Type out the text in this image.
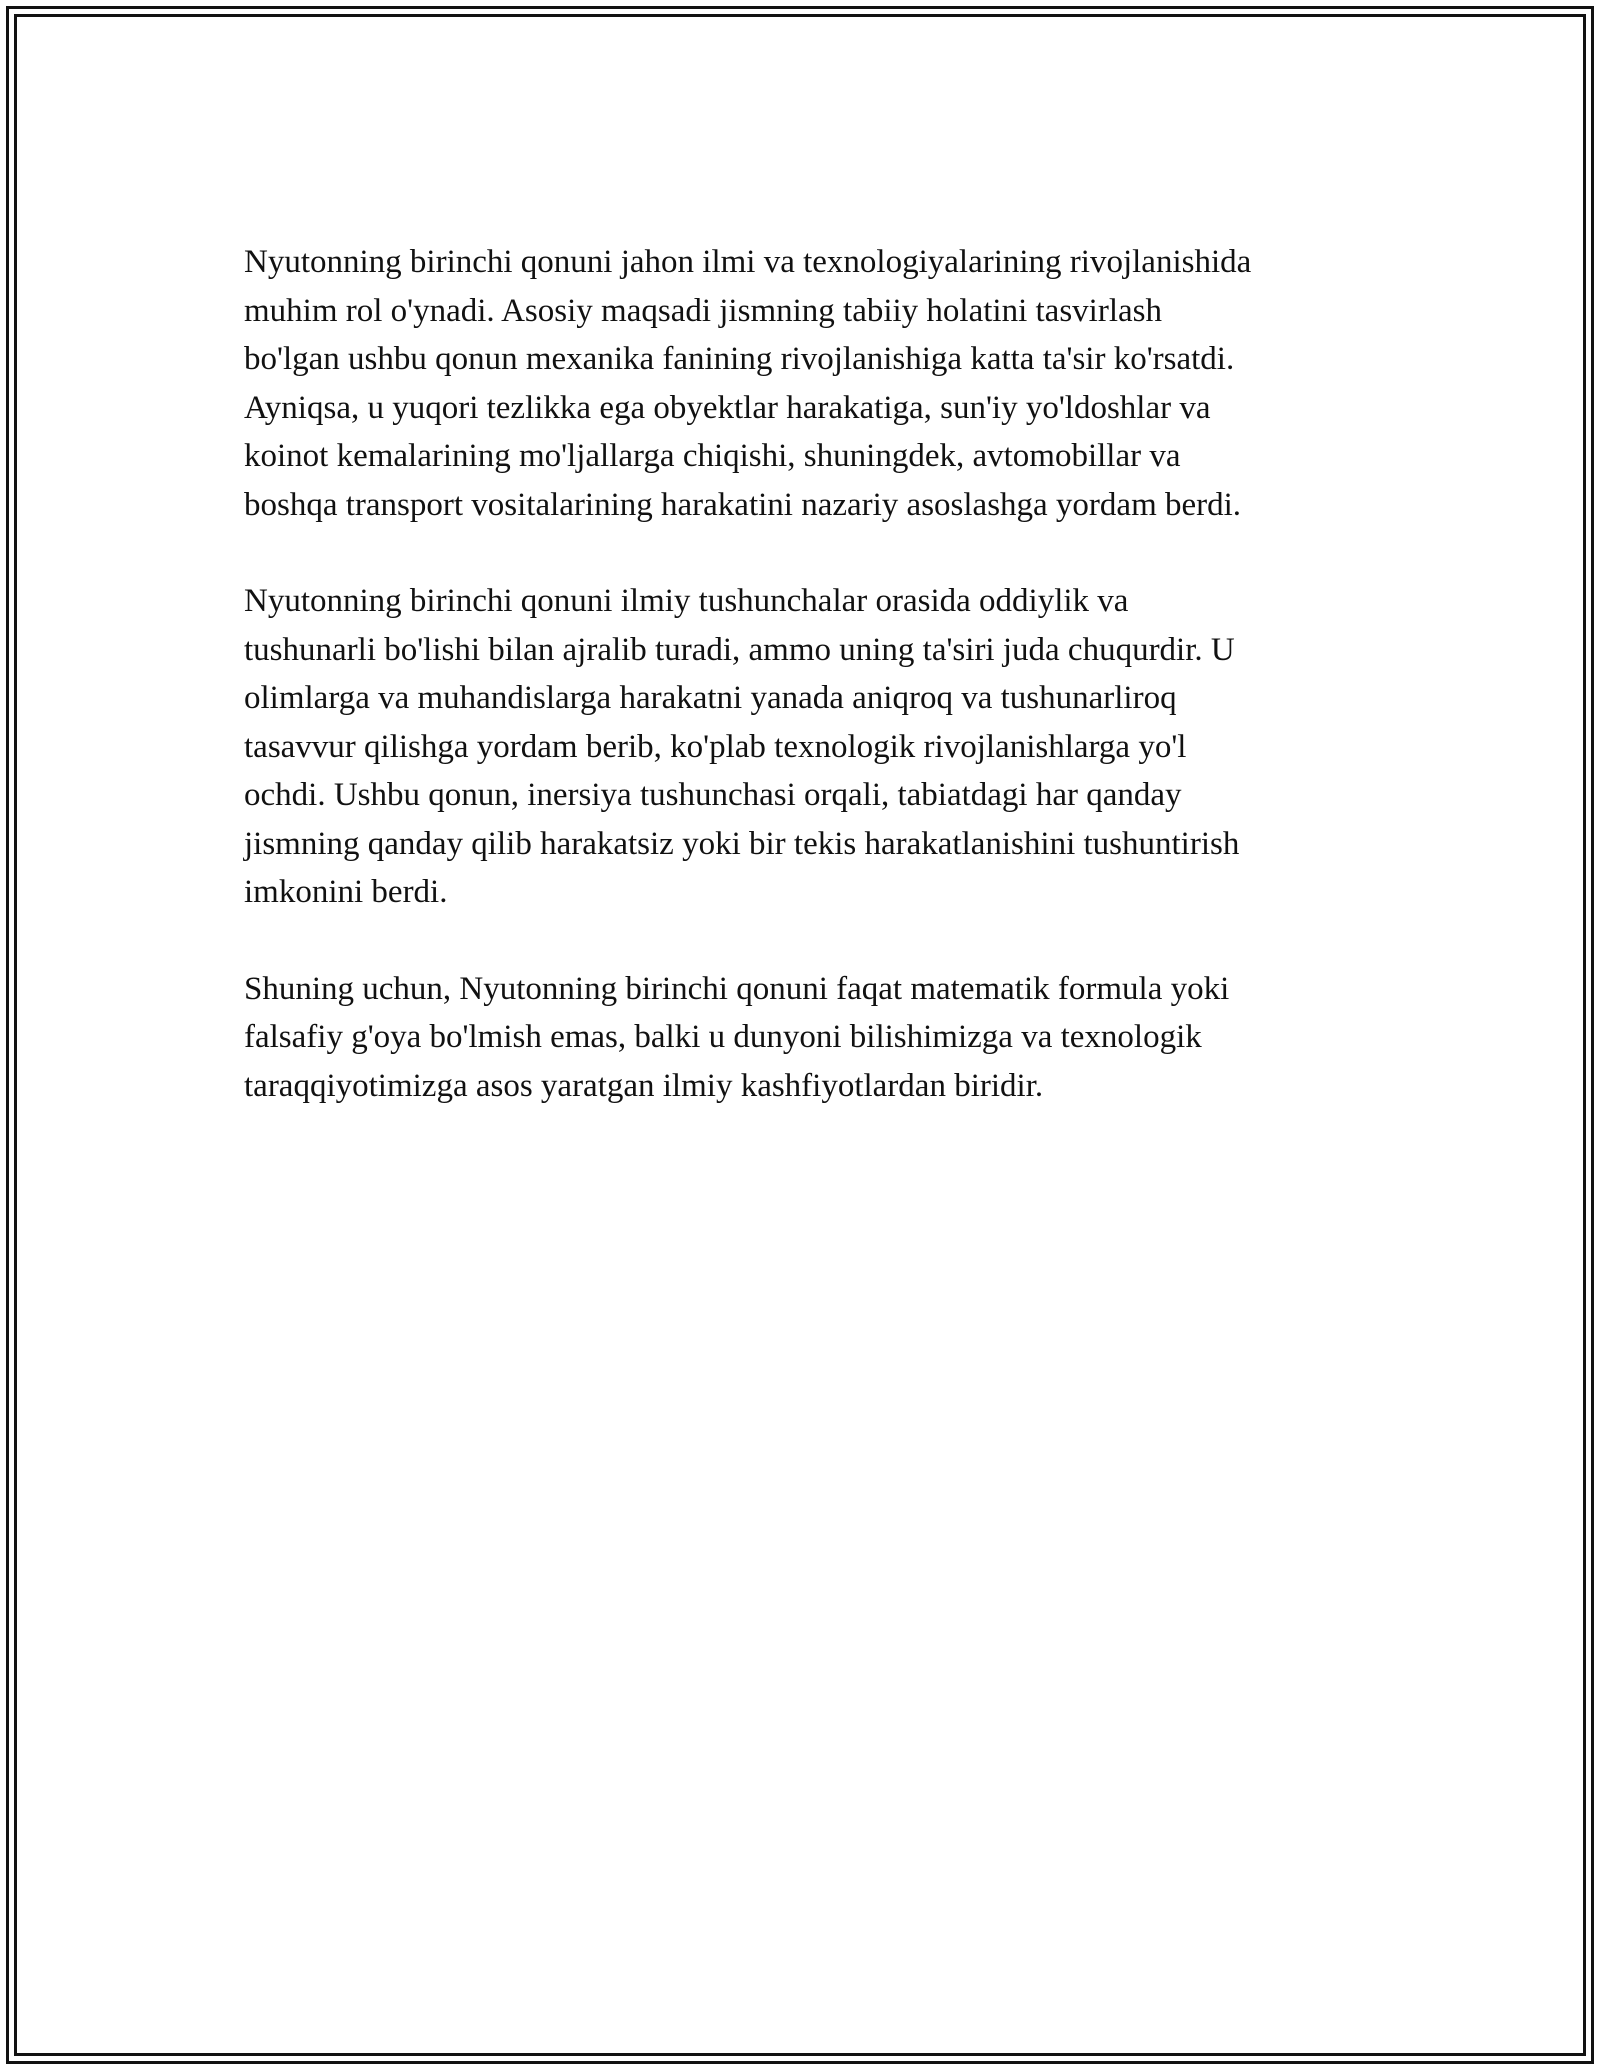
Nyutonning birinchi qonuni jahon ilmi va texnologiyalarining rivojlanishida
muhim rol o'ynadi. Asosiy maqsadi jismning tabiiy holatini tasvirlash
bo'lgan ushbu qonun mexanika fanining rivojlanishiga katta ta'sir ko'rsatdi.
Ayniqsa, u yuqori tezlikka ega obyektlar harakatiga, sun'iy yo'ldoshlar va
koinot kemalarining mo'ljallarga chiqishi, shuningdek, avtomobillar va
boshqa transport vositalarining harakatini nazariy asoslashga yordam berdi.

Nyutonning birinchi qonuni ilmiy tushunchalar orasida oddiylik va
tushunarli bo'lishi bilan ajralib turadi, ammo uning ta'siri juda chuqurdir. U
olimlarga va muhandislarga harakatni yanada aniqroq va tushunarliroq
tasavvur qilishga yordam berib, ko'plab texnologik rivojlanishlarga yo'l
ochdi. Ushbu qonun, inersiya tushunchasi orqali, tabiatdagi har qanday
jismning qanday qilib harakatsiz yoki bir tekis harakatlanishini tushuntirish
imkonini berdi.

Shuning uchun, Nyutonning birinchi qonuni faqat matematik formula yoki
falsafiy g'oya bo'lmish emas, balki u dunyoni bilishimizga va texnologik
taraqqiyotimizga asos yaratgan ilmiy kashfiyotlardan biridir.
